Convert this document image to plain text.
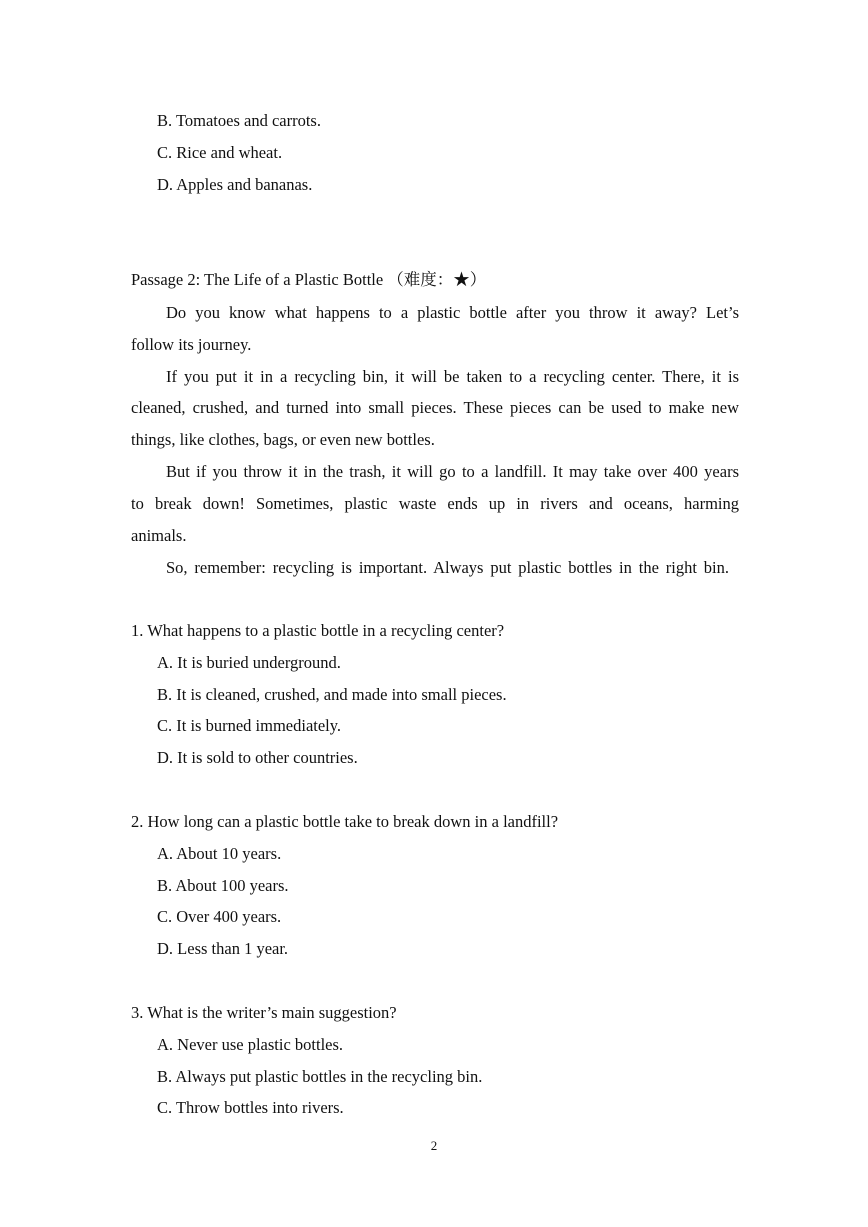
B. Tomatoes and carrots.
C. Rice and wheat.
D. Apples and bananas.
Passage 2: The Life of a Plastic Bottle （难度：★）
Do you know what happens to a plastic bottle after you throw it away? Let’s
follow its journey.
If you put it in a recycling bin, it will be taken to a recycling center. There, it is
cleaned, crushed, and turned into small pieces. These pieces can be used to make new
things, like clothes, bags, or even new bottles.
But if you throw it in the trash, it will go to a landfill. It may take over 400 years
to break down! Sometimes, plastic waste ends up in rivers and oceans, harming
animals.
So, remember: recycling is important. Always put plastic bottles in the right bin.
1. What happens to a plastic bottle in a recycling center?
A. It is buried underground.
B. It is cleaned, crushed, and made into small pieces.
C. It is burned immediately.
D. It is sold to other countries.
2. How long can a plastic bottle take to break down in a landfill?
A. About 10 years.
B. About 100 years.
C. Over 400 years.
D. Less than 1 year.
3. What is the writer’s main suggestion?
A. Never use plastic bottles.
B. Always put plastic bottles in the recycling bin.
C. Throw bottles into rivers.
2
